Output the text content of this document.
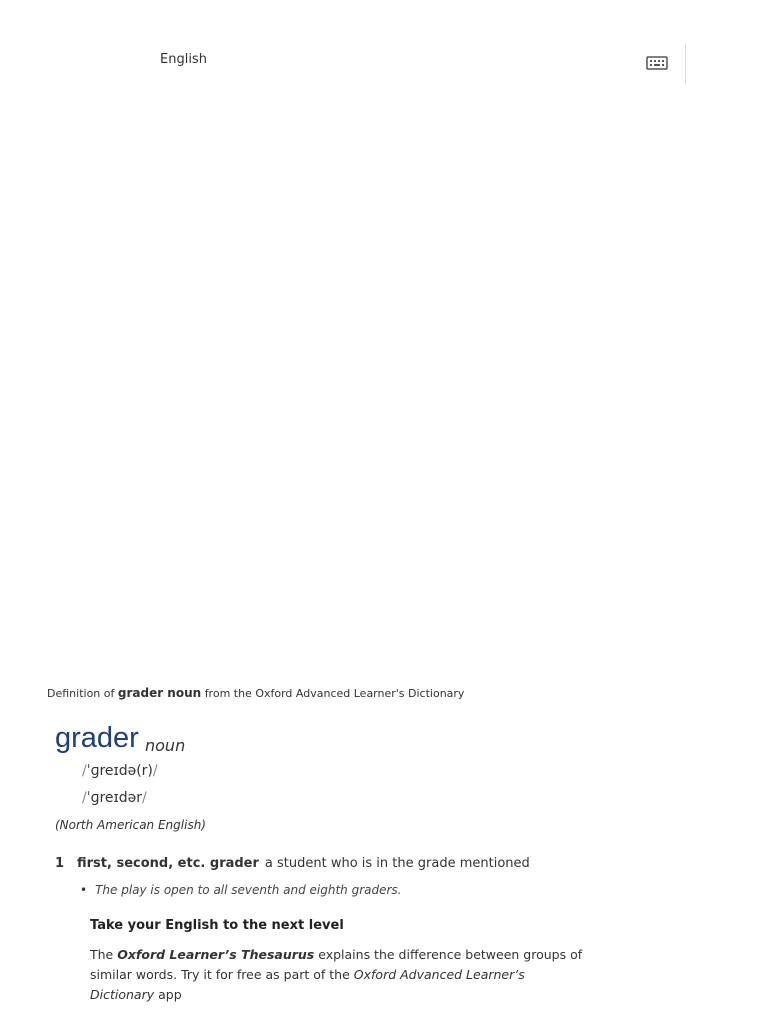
English
Definition of grader noun from the Oxford Advanced Learner's Dictionary
grader noun
/ˈɡreɪdə(r)/
/ˈɡreɪdər/
(North American English)
1 first, second, etc. grader a student who is in the grade mentioned
• The play is open to all seventh and eighth graders.
Take your English to the next level
The Oxford Learner’s Thesaurus explains the difference between groups of similar words. Try it for free as part of the Oxford Advanced Learner’s Dictionary app
